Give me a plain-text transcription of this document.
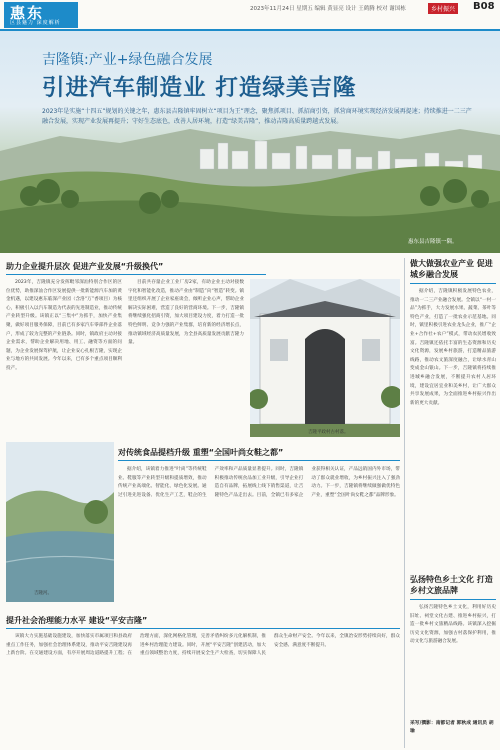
惠东
区县魅力 深度解析
2023年11月24日 星期五 编辑 黄显亮 设计 王鹤腾 校对 谢国栋	乡村振兴	B08
吉隆镇:产业+绿色融合发展
引进汽车制造业 打造绿美吉隆
2023年是实施“十四五”规划的关键之年，惠东县吉隆镇牢固树立“项目为王”理念，聚焦抓项目、抓招商引资，抓营商环境实现经济发展再提速；持续推进一二三产融合发展，实现产业发展再提升；守好生态底色，改善人居环境，打造“绿美吉隆”，推动吉隆高质量跨越式发展。
惠东县吉隆镇一隅。
助力企业提升层次 促进产业发展“升级换代”
2023年，吉隆镇充分发挥毗邻深汕特别合作区的区位优势，助推深汕合作区发展提供一批新能源汽车加的黄金机遇，以建设惠东临深产业园（含洛“万”香项目）为核心，积极引入以汽车制造为代表的先进制造业，推动传统产业转型升级。该镇正以“三集中”为抓手，加快产业集聚，做好项目服务保障，目前已有多家汽车零部件企业落户，形成了较为完整的产业链条。同时，镇政府主动对接企业需求，帮助企业解决用地、用工、融资等方面的问题，为企业发展保驾护航，让企业安心扎根吉隆，实现企业与地方的共同发展。今年以来，已有多个重点项目顺利投产。
目前共存量企业工业厂房2家，有助企业主动对接数字化和智能化改造，推动产业由“制造”向“智造”转变。镇里还组织开展了企业家座谈会，倾听企业心声，帮助企业解决实际困难，营造了良好的营商环境。下一步，吉隆镇将继续强化招商引资，加大项目建设力度，着力打造一批特色鲜明、竞争力强的产业集群，培育新的经济增长点，推动镇域经济高质量发展，为全县高质量发展贡献吉隆力量。
吉隆平政村古村落。
吉隆河。
对传统食品提档升级 重塑“全国叶尚女鞋之都”
据介绍，该镇着力推进“叶尚”等传统鞋业、鞋服等产业转型升级和提质增效，推动传统产业高端化、智能化、绿色化发展。通过引进先进设备、优化生产工艺，鞋企的生产效率和产品质量显著提升。同时，吉隆镇积极推动传统食品加工业升级，引导企业打造自有品牌，拓展线上线下销售渠道，让吉隆特色产品走出去。目前，全镇已有多家企业获得相关认证，产品远销国内外市场，带动了群众就业增收，为乡村振兴注入了强劲动力。下一步，吉隆镇将继续做强做优特色产业，重塑“全国叶尚女鞋之都”品牌形象。
提升社会治理能力水平 建设“平安吉隆”
该镇大力实施基础设施建设，加快落实市属项目和县政府重点工作任务，加强社会治理体系建设，推动平安吉隆建设再上新台阶。在交通建设方面，有序开展周边道路提升工程；在治理方面，深化网格化管理，完善矛盾纠纷多元化解机制，推进乡村治理能力建设。同时，开展“平安吉隆”创建活动，加大重点领域整治力度，持续开展安全生产大检查，切实保障人民群众生命财产安全。今年以来，全镇治安形势持续向好，群众安全感、满意度不断提升。
做大做强农业产业 促进城乡融合发展
据介绍，吉隆镇积极发展特色农业，推动一二三产业融合发展。全镇以“一村一品”为抓手，大力发展水果、蔬菜、茶叶等特色产业，打造了一批农业示范基地。同时，镇里积极引进农业龙头企业，推广“企业+合作社+农户”模式，带动农民增收致富。吉隆镇还依托丰富的生态资源和历史文化资源，发展乡村旅游，打造精品旅游线路，推动农文旅深度融合，让绿水青山变成金山银山。下一步，吉隆镇将持续推进城乡融合发展，不断提升农村人居环境，建设宜居宜业和美乡村，让广大群众共享发展成果，为全面推进乡村振兴作出新的更大贡献。
弘扬特色乡土文化 打造乡村文旅品牌
弘扬吉隆特色乡土文化，利用好历史旧址、祠堂文化古建、推进乡村振兴，打造一批乡村文旅精品线路。该镇深入挖掘历史文化资源，加强古村落保护利用，推动文化与旅游融合发展。
采写/撰影：南都记者 郭秋成 通讯员 胡瑜
